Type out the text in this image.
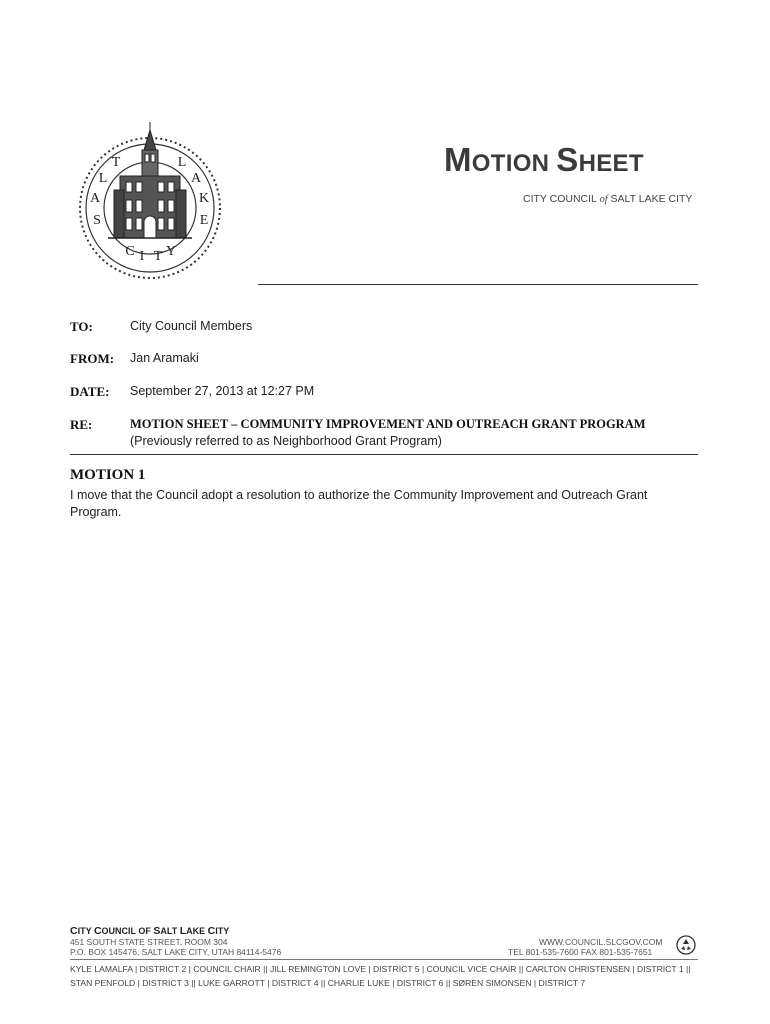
S
A
L
T	L
A
K
E
C I T Y
MOTION SHEET
CITY COUNCIL of SALT LAKE CITY
TO:	City Council Members
FROM: Jan Aramaki
DATE: September 27, 2013 at 12:27 PM
RE:	MOTION SHEET – COMMUNITY IMPROVEMENT AND OUTREACH GRANT PROGRAM
(Previously referred to as Neighborhood Grant Program)
MOTION 1

I move that the Council adopt a resolution to authorize the Community Improvement and Outreach Grant Program.

CITY COUNCIL OF SALT LAKE CITY
451 SOUTH STATE STREET, ROOM 304
P.O. BOX 145476, SALT LAKE CITY, UTAH 84114-5476
WWW.COUNCIL.SLCGOV.COM
TEL 801-535-7600 FAX 801-535-7651

KYLE LAMALFA | DISTRICT 2 | COUNCIL CHAIR || JILL REMINGTON LOVE | DISTRICT 5 | COUNCIL VICE CHAIR || CARLTON CHRISTENSEN | DISTRICT 1 || STAN PENFOLD | DISTRICT 3 || LUKE GARROTT | DISTRICT 4 || CHARLIE LUKE | DISTRICT 6 || SØREN SIMONSEN | DISTRICT 7
